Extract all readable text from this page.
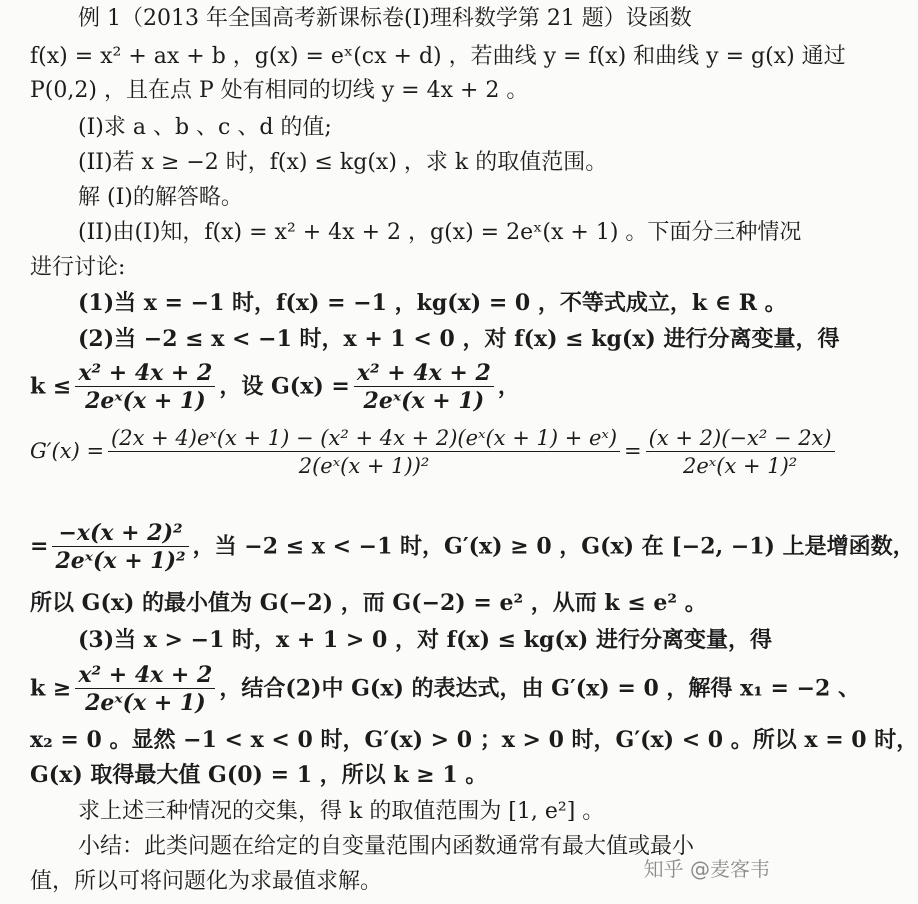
例 1（2013 年全国高考新课标卷(I)理科数学第 21 题）设函数
f(x) = x² + ax + b ，g(x) = eˣ(cx + d) ，若曲线 y = f(x) 和曲线 y = g(x) 通过
P(0,2) ，且在点 P 处有相同的切线 y = 4x + 2 。
(I)求 a 、b 、c 、d 的值;
(II)若 x ≥ −2 时，f(x) ≤ kg(x) ，求 k 的取值范围。
解 (I)的解答略。
(II)由(I)知，f(x) = x² + 4x + 2 ，g(x) = 2eˣ(x + 1) 。下面分三种情况
进行讨论:
(1)当 x = −1 时，f(x) = −1 ，kg(x) = 0 ，不等式成立，k ∈ R 。
(2)当 −2 ≤ x < −1 时，x + 1 < 0 ，对 f(x) ≤ kg(x) 进行分离变量，得
$k \le \frac{\text{x² + 4x + 2}}{\text{2eˣ(x + 1)}}$ ，设 $G(x) = \frac{\text{x² + 4x + 2}}{\text{2eˣ(x + 1)}}$ ，
$G'(x) = \frac{\text{(2x + 4)eˣ(x + 1) − (x² + 4x + 2)(eˣ(x + 1) + eˣ)}}{\text{2(eˣ(x + 1))²}} = \frac{\text{(x + 2)(−x² − 2x)}}{\text{2eˣ(x + 1)²}}$
= $\frac{\text{−x(x + 2)²}}{\text{2eˣ(x + 1)²}}$ ，当 −2 ≤ x < −1 时，G′(x) ≥ 0 ，G(x) 在 [−2, −1) 上是增函数，
所以 G(x) 的最小值为 G(−2) ，而 G(−2) = e² ，从而 k ≤ e² 。
(3)当 x > −1 时，x + 1 > 0 ，对 f(x) ≤ kg(x) 进行分离变量，得
$k \ge \frac{\text{x² + 4x + 2}}{\text{2eˣ(x + 1)}}$ ，结合(2)中 G(x) 的表达式，由 G′(x) = 0 ，解得 x₁ = −2 、
x₂ = 0 。显然 −1 < x < 0 时，G′(x) > 0 ；x > 0 时，G′(x) < 0 。所以 x = 0 时，
G(x) 取得最大值 G(0) = 1 ，所以 k ≥ 1 。
求上述三种情况的交集，得 k 的取值范围为 [1, e²] 。
小结：此类问题在给定的自变量范围内函数通常有最大值或最小
值，所以可将问题化为求最值求解。	知乎 @麦客韦
